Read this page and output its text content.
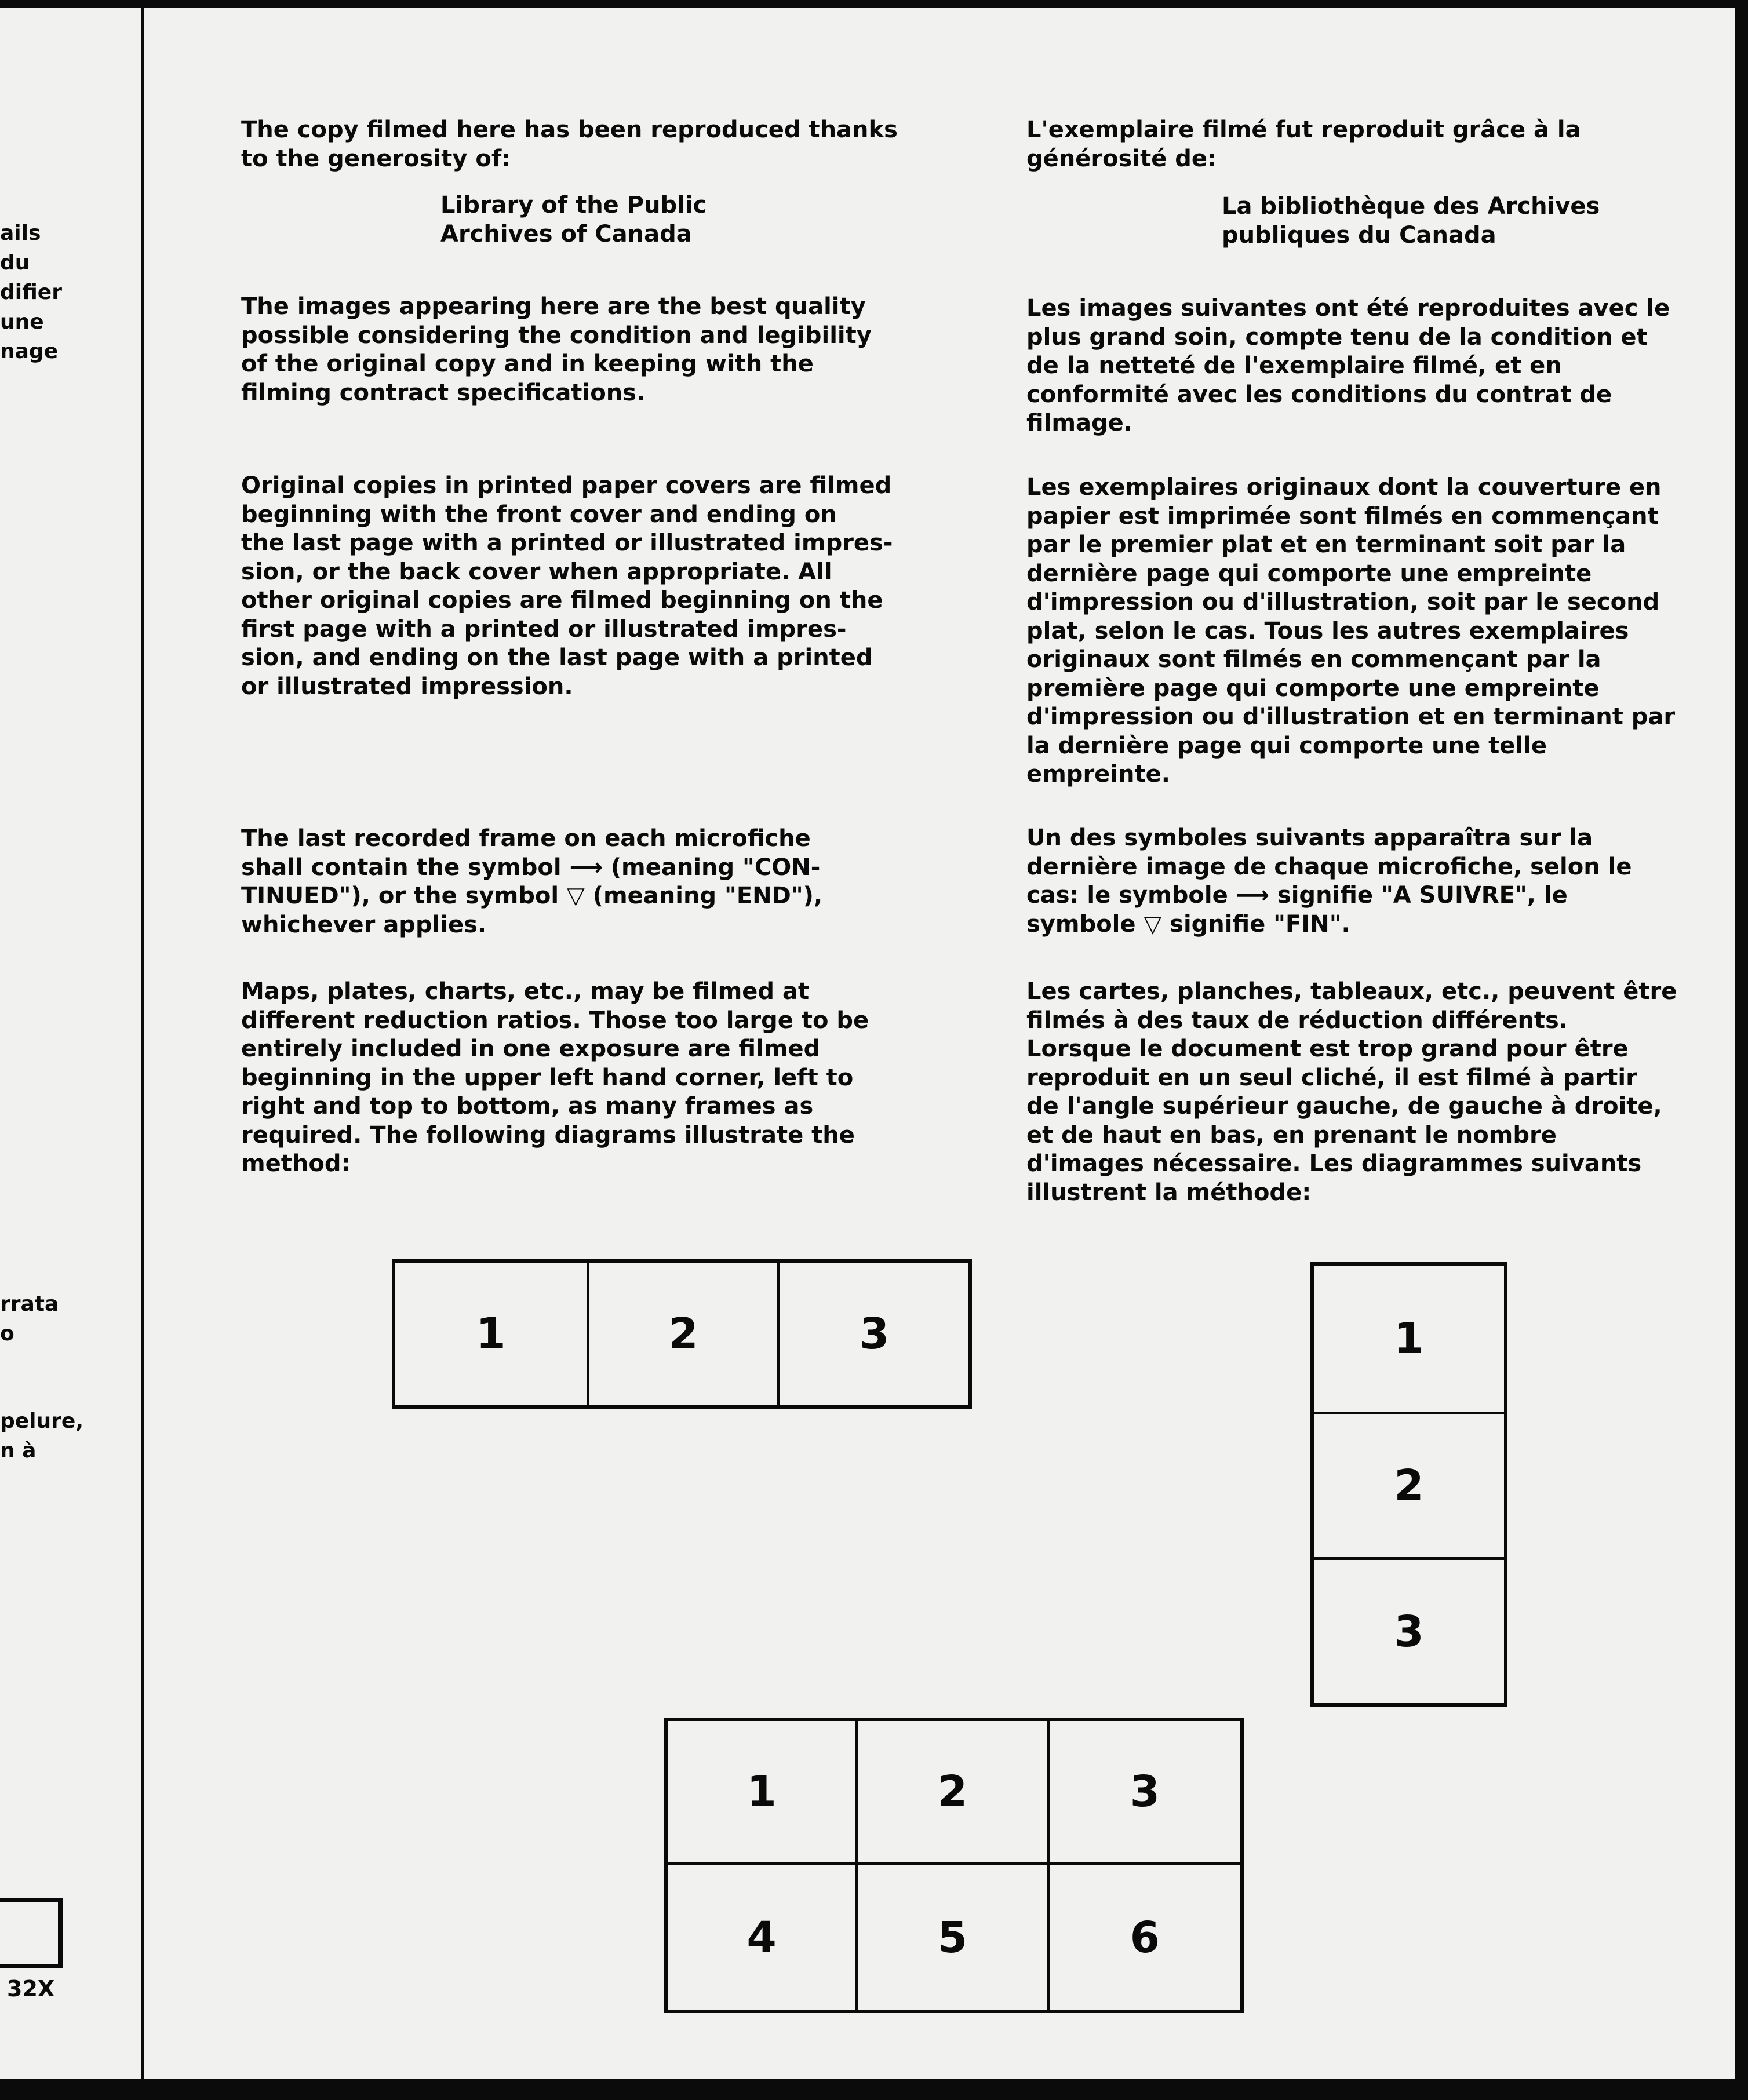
ails
du
difier
une
nage
rrata
o
pelure,
n à
32X

The copy filmed here has been reproduced thanks
to the generosity of:

Library of the Public
Archives of Canada

The images appearing here are the best quality
possible considering the condition and legibility
of the original copy and in keeping with the
filming contract specifications.

Original copies in printed paper covers are filmed
beginning with the front cover and ending on
the last page with a printed or illustrated impres-
sion, or the back cover when appropriate. All
other original copies are filmed beginning on the
first page with a printed or illustrated impres-
sion, and ending on the last page with a printed
or illustrated impression.

The last recorded frame on each microfiche
shall contain the symbol ⟶ (meaning "CON-
TINUED"), or the symbol ▽ (meaning "END"),
whichever applies.

Maps, plates, charts, etc., may be filmed at
different reduction ratios. Those too large to be
entirely included in one exposure are filmed
beginning in the upper left hand corner, left to
right and top to bottom, as many frames as
required. The following diagrams illustrate the
method:

L'exemplaire filmé fut reproduit grâce à la
générosité de:

La bibliothèque des Archives
publiques du Canada

Les images suivantes ont été reproduites avec le
plus grand soin, compte tenu de la condition et
de la netteté de l'exemplaire filmé, et en
conformité avec les conditions du contrat de
filmage.

Les exemplaires originaux dont la couverture en
papier est imprimée sont filmés en commençant
par le premier plat et en terminant soit par la
dernière page qui comporte une empreinte
d'impression ou d'illustration, soit par le second
plat, selon le cas. Tous les autres exemplaires
originaux sont filmés en commençant par la
première page qui comporte une empreinte
d'impression ou d'illustration et en terminant par
la dernière page qui comporte une telle
empreinte.

Un des symboles suivants apparaîtra sur la
dernière image de chaque microfiche, selon le
cas: le symbole ⟶ signifie "A SUIVRE", le
symbole ▽ signifie "FIN".

Les cartes, planches, tableaux, etc., peuvent être
filmés à des taux de réduction différents.
Lorsque le document est trop grand pour être
reproduit en un seul cliché, il est filmé à partir
de l'angle supérieur gauche, de gauche à droite,
et de haut en bas, en prenant le nombre
d'images nécessaire. Les diagrammes suivants
illustrent la méthode:

1	2	3	1
2
3
1	2	3
4	5	6
